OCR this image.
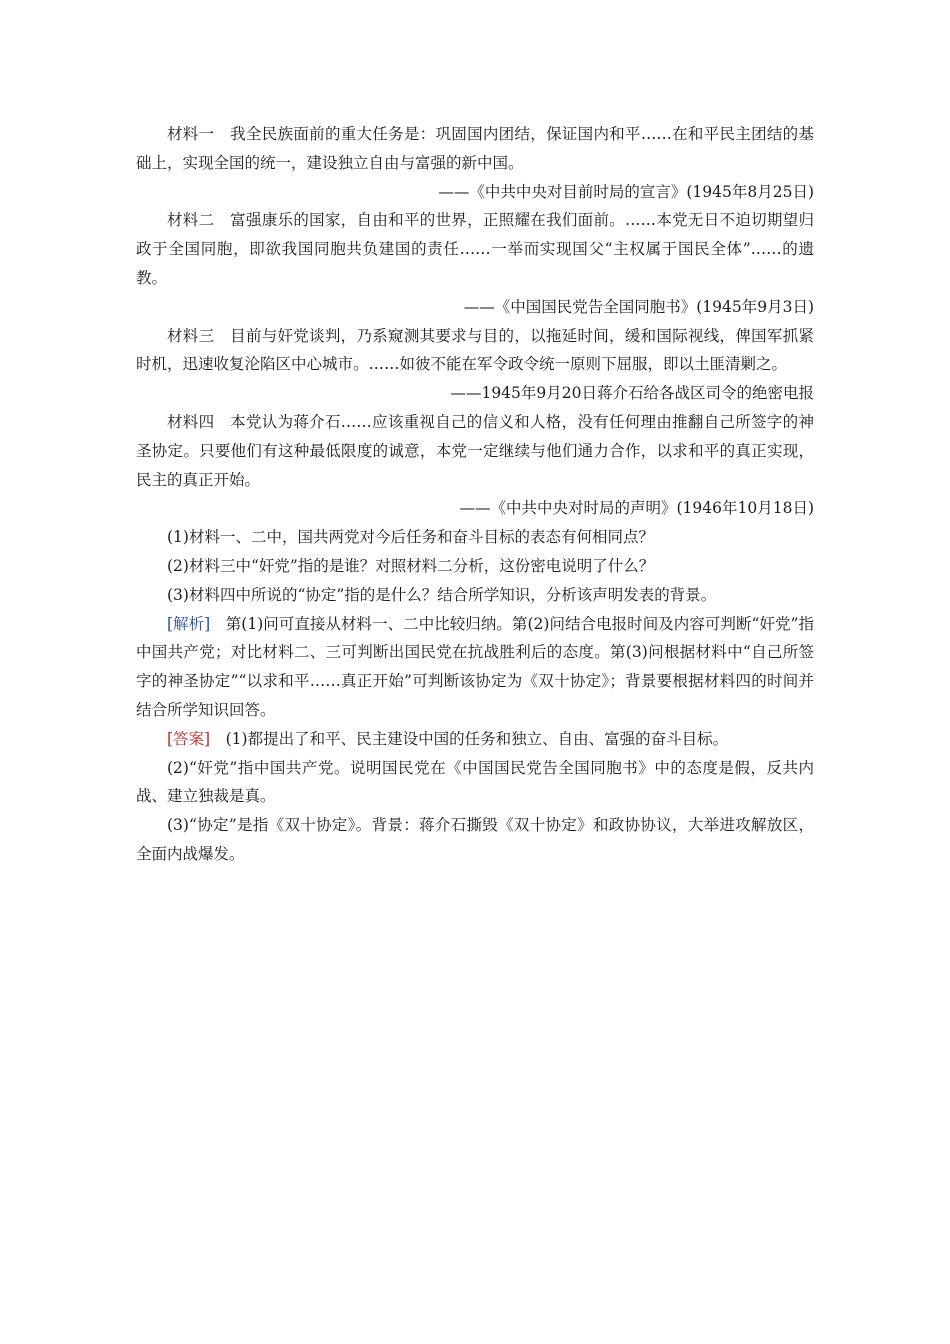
材料一 我全民族面前的重大任务是：巩固国内团结，保证国内和平……在和平民主团结的基础上，实现全国的统一，建设独立自由与富强的新中国。

——《中共中央对目前时局的宣言》(1945年8月25日)

材料二 富强康乐的国家，自由和平的世界，正照耀在我们面前。……本党无日不迫切期望归政于全国同胞，即欲我国同胞共负建国的责任……一举而实现国父“主权属于国民全体”……的遗教。

——《中国国民党告全国同胞书》(1945年9月3日)

材料三 目前与奸党谈判，乃系窥测其要求与目的，以拖延时间，缓和国际视线，俾国军抓紧时机，迅速收复沦陷区中心城市。……如彼不能在军令政令统一原则下屈服，即以土匪清剿之。

——1945年9月20日蒋介石给各战区司令的绝密电报

材料四 本党认为蒋介石……应该重视自己的信义和人格，没有任何理由推翻自己所签字的神圣协定。只要他们有这种最低限度的诚意，本党一定继续与他们通力合作，以求和平的真正实现，民主的真正开始。

——《中共中央对时局的声明》(1946年10月18日)

(1)材料一、二中，国共两党对今后任务和奋斗目标的表态有何相同点？

(2)材料三中“奸党”指的是谁？对照材料二分析，这份密电说明了什么？

(3)材料四中所说的“协定”指的是什么？结合所学知识，分析该声明发表的背景。

[解析] 第(1)问可直接从材料一、二中比较归纳。第(2)问结合电报时间及内容可判断“奸党”指中国共产党；对比材料二、三可判断出国民党在抗战胜利后的态度。第(3)问根据材料中“自己所签字的神圣协定”“以求和平……真正开始”可判断该协定为《双十协定》；背景要根据材料四的时间并结合所学知识回答。

[答案] (1)都提出了和平、民主建设中国的任务和独立、自由、富强的奋斗目标。

(2)“奸党”指中国共产党。说明国民党在《中国国民党告全国同胞书》中的态度是假，反共内战、建立独裁是真。

(3)“协定”是指《双十协定》。背景：蒋介石撕毁《双十协定》和政协协议，大举进攻解放区，全面内战爆发。
